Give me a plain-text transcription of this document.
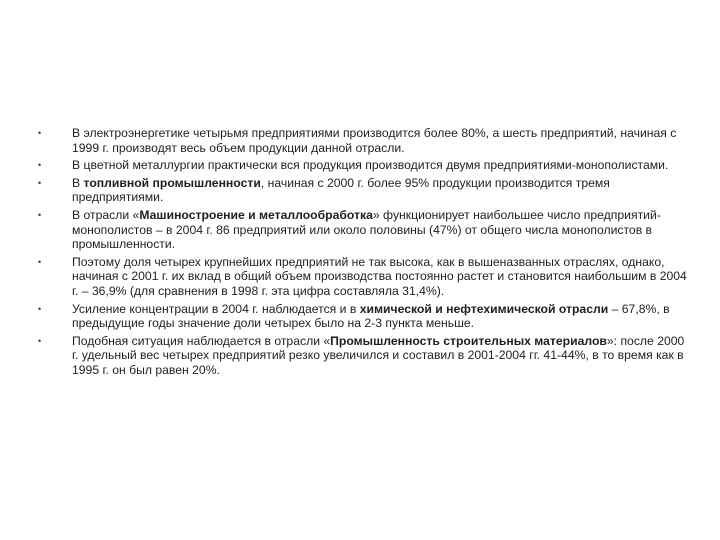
•	В электроэнергетике четырьмя предприятиями производится более 80%, а шесть предприятий, начиная с 1999 г. производят весь объем продукции данной отрасли.
•	В цветной металлургии практически вся продукция производится двумя предприятиями-монополистами.
•	В топливной промышленности, начиная с 2000 г. более 95% продукции производится тремя предприятиями.
•	В отрасли «Машиностроение и металлообработка» функционирует наибольшее число предприятий-монополистов – в 2004 г. 86 предприятий или около половины (47%) от общего числа монополистов в промышленности.
•	Поэтому доля четырех крупнейших предприятий не так высока, как в вышеназванных отраслях, однако, начиная с 2001 г. их вклад в общий объем производства постоянно растет и становится наибольшим в 2004 г. – 36,9% (для сравнения в 1998 г. эта цифра составляла 31,4%).
•	Усиление концентрации в 2004 г. наблюдается и в химической и нефтехимической отрасли – 67,8%, в предыдущие годы значение доли четырех было на 2-3 пункта меньше.
•	Подобная ситуация наблюдается в отрасли «Промышленность строительных материалов»: после 2000 г. удельный вес четырех предприятий резко увеличился и составил в 2001-2004 гг. 41-44%, в то время как в 1995 г. он был равен 20%.
